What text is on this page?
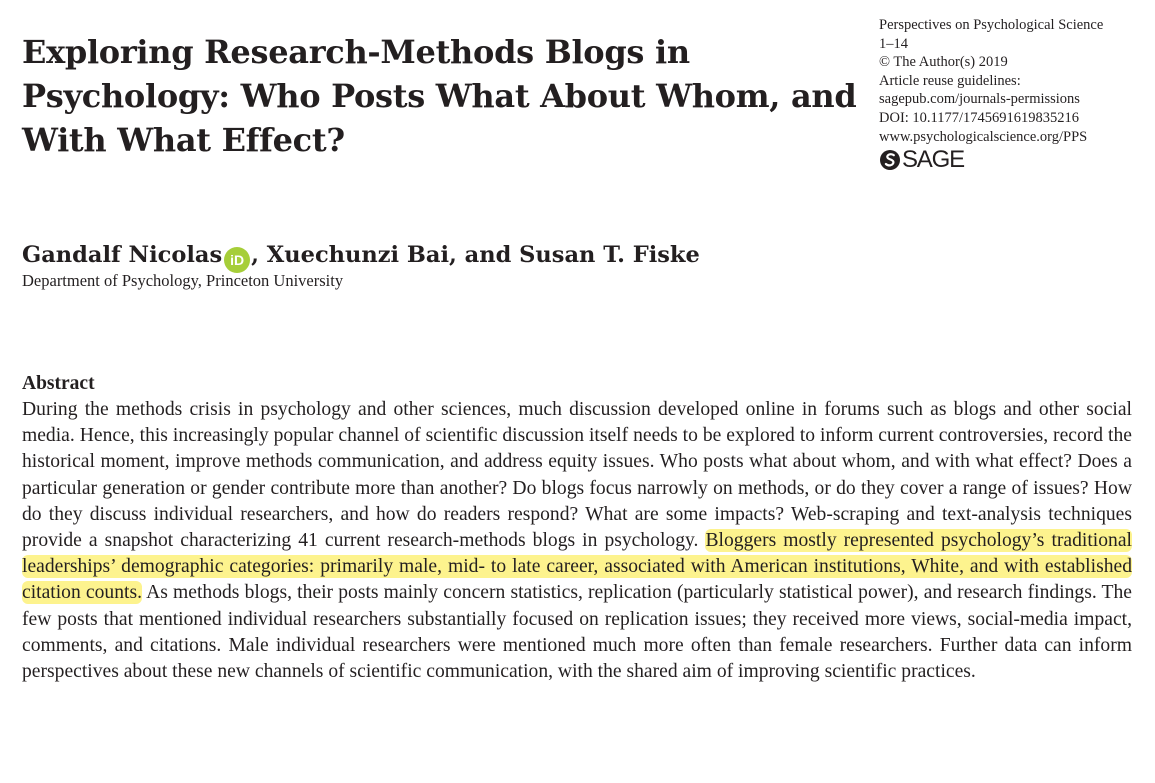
Exploring Research-Methods Blogs in Psychology: Who Posts What About Whom, and With What Effect?
Perspectives on Psychological Science
1–14
© The Author(s) 2019
Article reuse guidelines:
sagepub.com/journals-permissions
DOI: 10.1177/1745691619835216
www.psychologicalscience.org/PPS
SAGE
Gandalf Nicolas iD , Xuechunzi Bai, and Susan T. Fiske
Department of Psychology, Princeton University
Abstract

During the methods crisis in psychology and other sciences, much discussion developed online in forums such as blogs and other social media. Hence, this increasingly popular channel of scientific discussion itself needs to be explored to inform current controversies, record the historical moment, improve methods communication, and address equity issues. Who posts what about whom, and with what effect? Does a particular generation or gender contribute more than another? Do blogs focus narrowly on methods, or do they cover a range of issues? How do they discuss individual researchers, and how do readers respond? What are some impacts? Web-scraping and text-analysis techniques provide a snapshot characterizing 41 current research-methods blogs in psychology. Bloggers mostly represented psychology’s traditional leaderships’ demographic categories: primarily male, mid- to late career, associated with American institutions, White, and with established citation counts. As methods blogs, their posts mainly concern statistics, replication (particularly statistical power), and research findings. The few posts that mentioned individual researchers substantially focused on replication issues; they received more views, social-media impact, comments, and citations. Male individual researchers were mentioned much more often than female researchers. Further data can inform perspectives about these new channels of scientific communication, with the shared aim of improving scientific practices.
